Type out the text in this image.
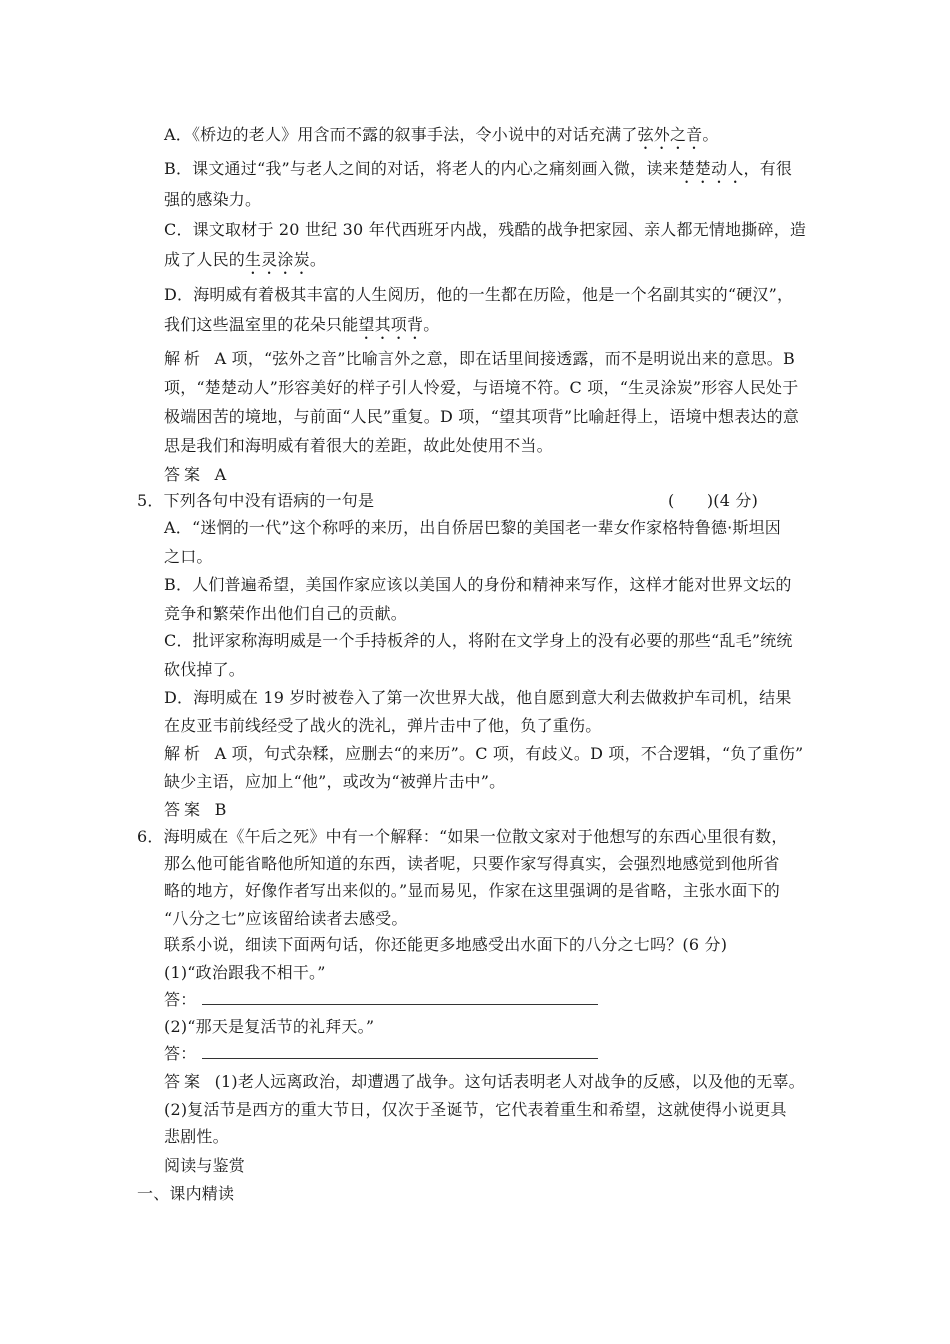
A．《桥边的老人》用含而不露的叙事手法，令小说中的对话充满了弦外之音。
B．课文通过“我”与老人之间的对话，将老人的内心之痛刻画入微，读来楚楚动人，有很
强的感染力。
C．课文取材于 20 世纪 30 年代西班牙内战，残酷的战争把家园、亲人都无情地撕碎，造
成了人民的生灵涂炭。
D．海明威有着极其丰富的人生阅历，他的一生都在历险，他是一个名副其实的“硬汉”，
我们这些温室里的花朵只能望其项背。
解析 A 项，“弦外之音”比喻言外之意，即在话里间接透露，而不是明说出来的意思。B
项，“楚楚动人”形容美好的样子引人怜爱，与语境不符。C 项，“生灵涂炭”形容人民处于
极端困苦的境地，与前面“人民”重复。D 项，“望其项背”比喻赶得上，语境中想表达的意
思是我们和海明威有着很大的差距，故此处使用不当。
答案 A
5．下列各句中没有语病的一句是	(　　)(4 分)
A．“迷惘的一代”这个称呼的来历，出自侨居巴黎的美国老一辈女作家格特鲁德·斯坦因
之口。
B．人们普遍希望，美国作家应该以美国人的身份和精神来写作，这样才能对世界文坛的
竞争和繁荣作出他们自己的贡献。
C．批评家称海明威是一个手持板斧的人，将附在文学身上的没有必要的那些“乱毛”统统
砍伐掉了。
D．海明威在 19 岁时被卷入了第一次世界大战，他自愿到意大利去做救护车司机，结果
在皮亚韦前线经受了战火的洗礼，弹片击中了他，负了重伤。
解析 A 项，句式杂糅，应删去“的来历”。C 项，有歧义。D 项，不合逻辑，“负了重伤”
缺少主语，应加上“他”，或改为“被弹片击中”。
答案 B
6．海明威在《午后之死》中有一个解释：“如果一位散文家对于他想写的东西心里很有数，
那么他可能省略他所知道的东西，读者呢，只要作家写得真实，会强烈地感觉到他所省
略的地方，好像作者写出来似的。”显而易见，作家在这里强调的是省略，主张水面下的
“八分之七”应该留给读者去感受。
联系小说，细读下面两句话，你还能更多地感受出水面下的八分之七吗？(6 分)
(1)“政治跟我不相干。”
答：
(2)“那天是复活节的礼拜天。”
答：
答案 (1)老人远离政治，却遭遇了战争。这句话表明老人对战争的反感，以及他的无辜。
(2)复活节是西方的重大节日，仅次于圣诞节，它代表着重生和希望，这就使得小说更具
悲剧性。
阅读与鉴赏
一、课内精读
